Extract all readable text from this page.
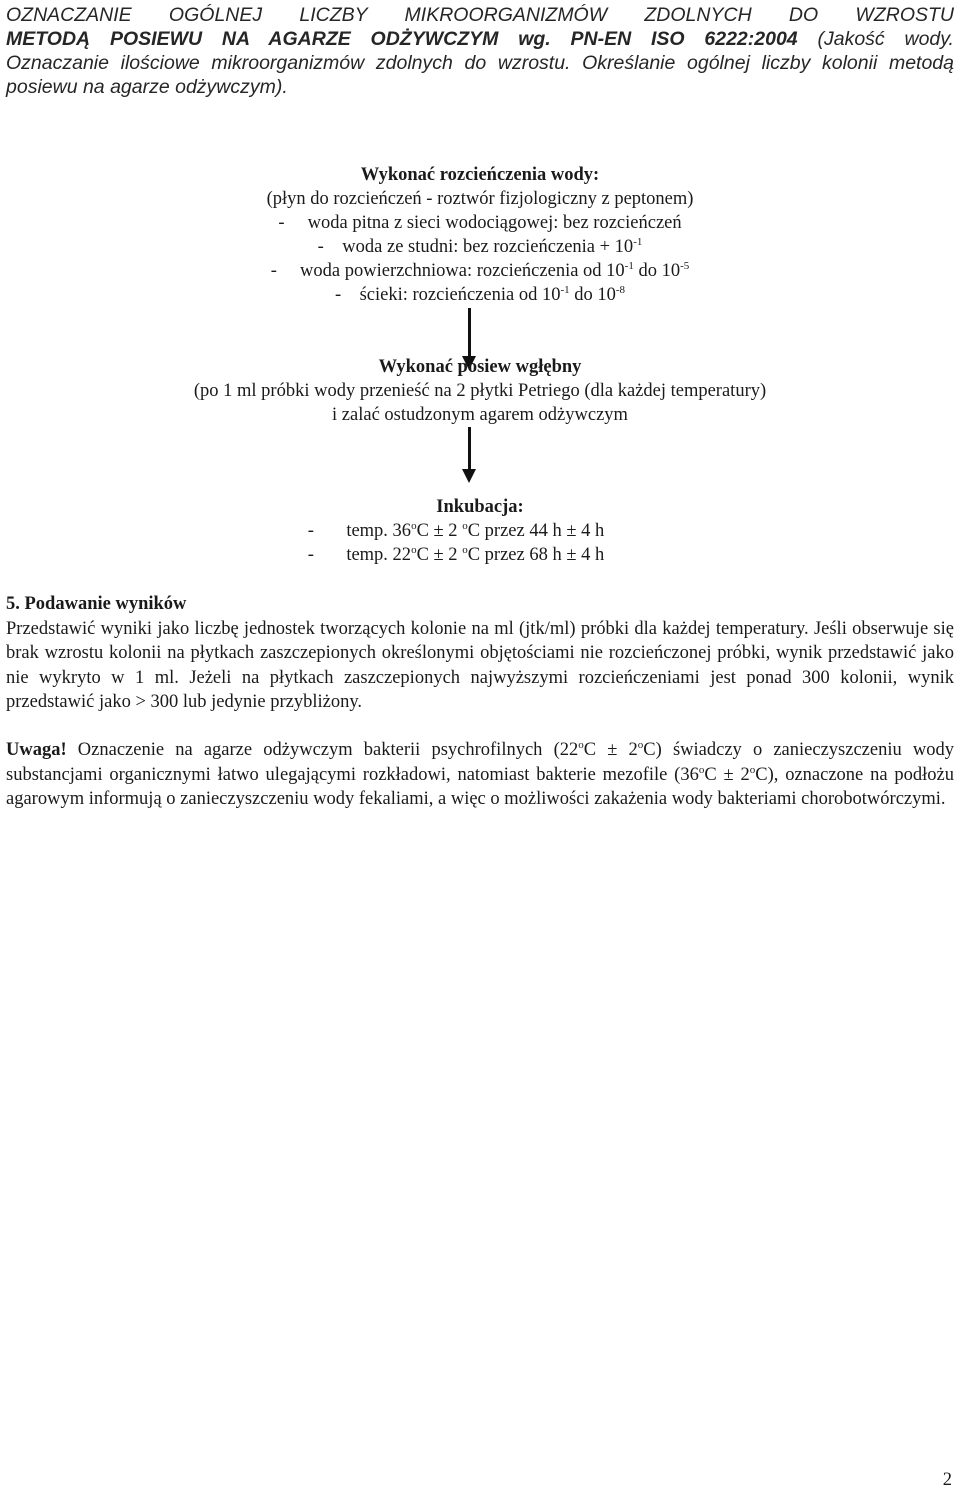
OZNACZANIE OGÓLNEJ LICZBY MIKROORGANIZMÓW ZDOLNYCH DO WZROSTU
METODĄ POSIEWU NA AGARZE ODŻYWCZYM wg. PN-EN ISO 6222:2004 (Jakość wody.
Oznaczanie ilościowe mikroorganizmów zdolnych do wzrostu. Określanie ogólnej liczby kolonii metodą
posiewu na agarze odżywczym).
Wykonać rozcieńczenia wody:
(płyn do rozcieńczeń - roztwór fizjologiczny z peptonem)
- woda pitna z sieci wodociągowej: bez rozcieńczeń
- woda ze studni: bez rozcieńczenia + $10^{-1}$
- woda powierzchniowa: rozcieńczenia od $10^{-1}$ do $10^{-5}$
- ścieki: rozcieńczenia od $10^{-1}$ do $10^{-8}$
Wykonać posiew wgłębny
(po 1 ml próbki wody przenieść na 2 płytki Petriego (dla każdej temperatury)
i zalać ostudzonym agarem odżywczym
Inkubacja:
- temp. $36^oC \pm 2$ $^o$C przez 44 h ± 4 h
- temp. $22^oC \pm 2$ $^o$C przez 68 h ± 4 h
5. Podawanie wyników
Przedstawić wyniki jako liczbę jednostek tworzących kolonie na ml (jtk/ml) próbki dla każdej temperatury. Jeśli obserwuje się brak wzrostu kolonii na płytkach zaszczepionych określonymi objętościami nie rozcieńczonej próbki, wynik przedstawić jako nie wykryto w 1 ml. Jeżeli na płytkach zaszczepionych najwyższymi rozcieńczeniami jest ponad 300 kolonii, wynik przedstawić jako > 300 lub jedynie przybliżony.
Uwaga! Oznaczenie na agarze odżywczym bakterii psychrofilnych $(22^oC \pm 2^oC)$ świadczy o zanieczyszczeniu wody substancjami organicznymi łatwo ulegającymi rozkładowi, natomiast bakterie mezofile $(36^oC \pm 2^oC)$, oznaczone na podłożu agarowym informują o zanieczyszczeniu wody fekaliami, a więc o możliwości zakażenia wody bakteriami chorobotwórczymi.
2
